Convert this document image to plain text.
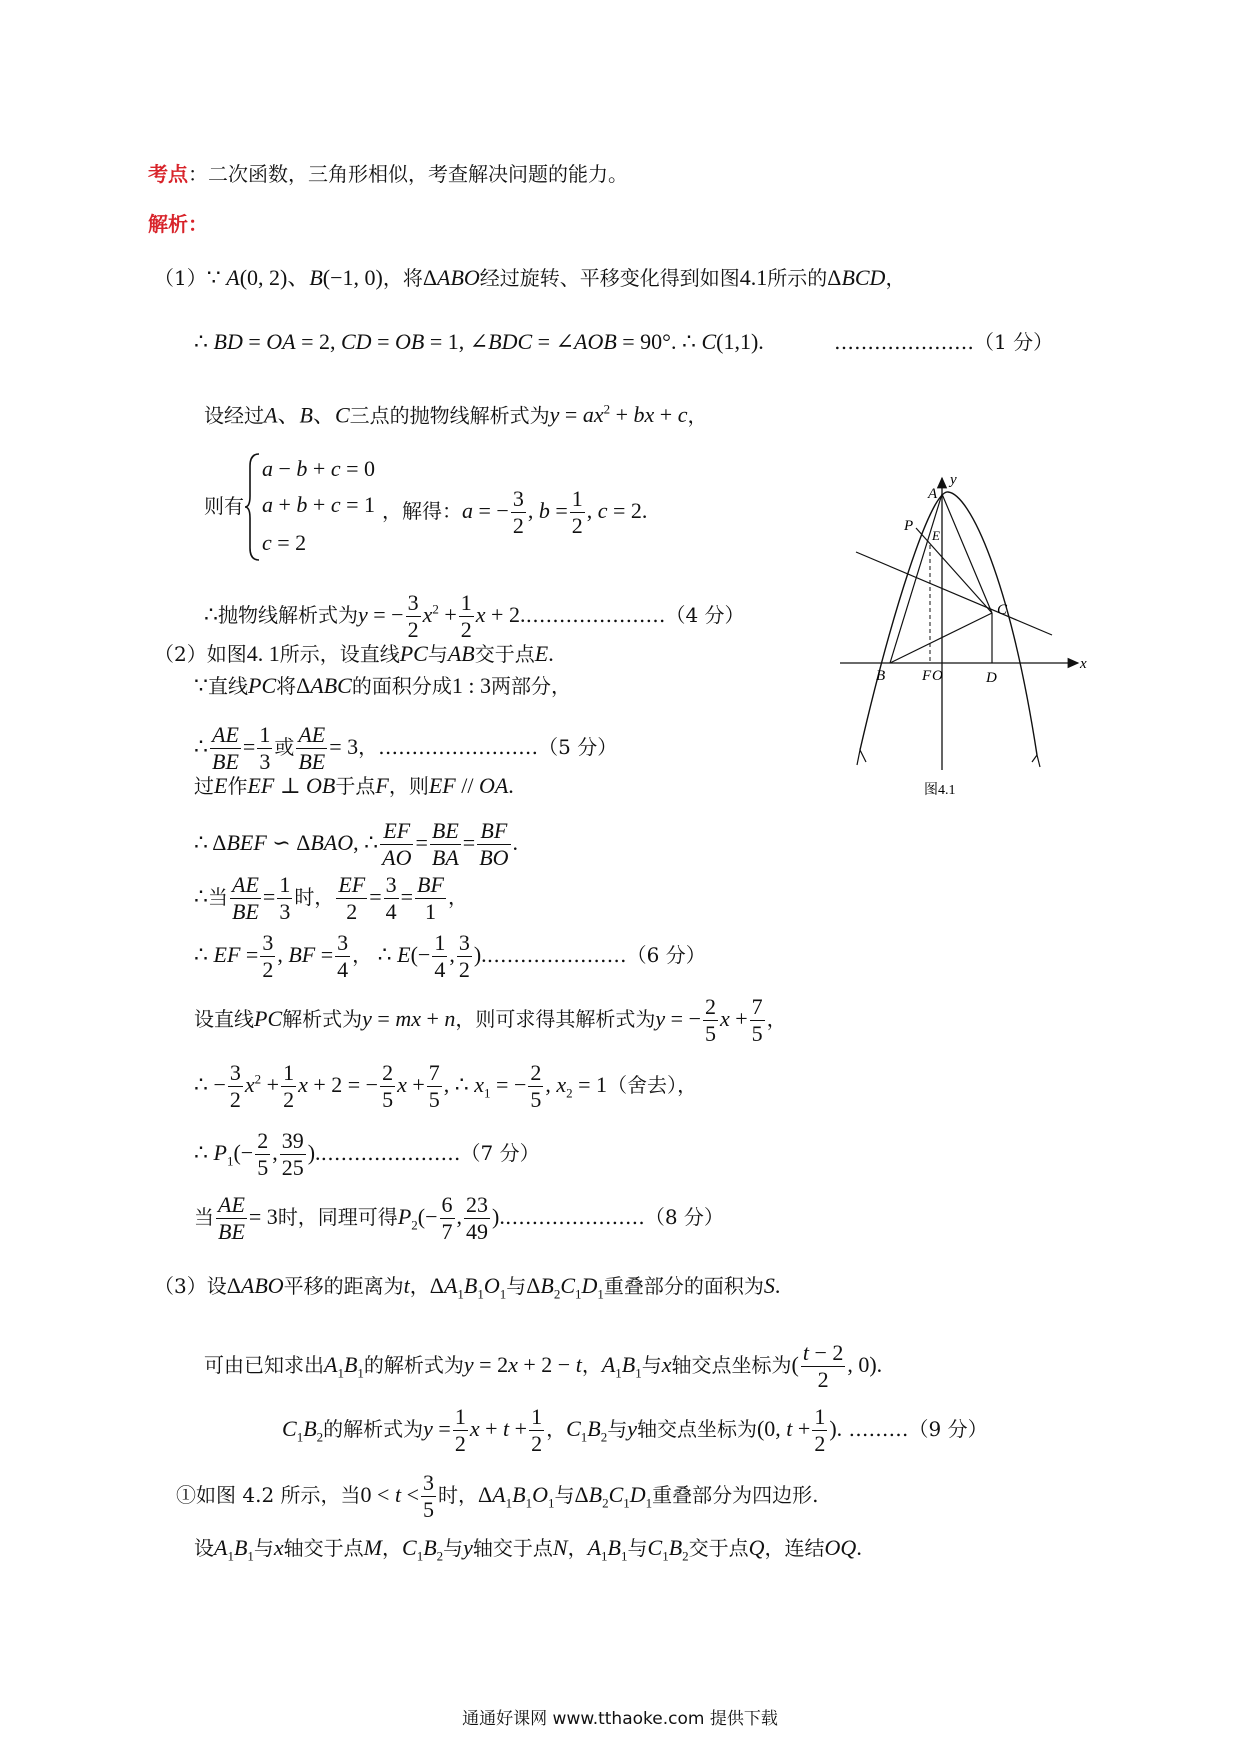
考点：二次函数，三角形相似，考查解决问题的能力。
解析：
（1）∵ A(0, 2)、B(−1, 0)，将ΔABO经过旋转、平移变化得到如图4.1所示的ΔBCD，
∴ BD = OA = 2, CD = OB = 1, ∠BDC = ∠AOB = 90°. ∴ C(1,1).	…………………（1 分）
设经过A、B、C三点的抛物线解析式为$y = ax^2$ + bx + c，
则有
a − b + c = 0
a + b + c = 1
c = 2
，解得：a = − $\frac{3}{2}$ , $b = \frac{1}{2}$ , c = 2.
∴抛物线解析式为y = − $\frac{3}{2} x^2 + \frac{1}{2}$ x + 2.…………………（4 分）
（2）如图4. 1所示，设直线PC与AB交于点E.
∵直线PC将ΔABC的面积分成1 : 3两部分，
∴ $\frac{AE}{BE} = \frac{1}{3}$ 或 $\frac{AE}{BE} = 3$，……………………（5 分）
过E作EF ⊥ OB于点F，则EF // OA.
∴ ΔBEF ∽ ΔBAO, ∴ $\frac{EF}{AO} = \frac{BE}{BA} = \frac{BF}{BO}$ .
∴当 $\frac{AE}{BE} = \frac{1}{3}$ 时， $\frac{EF}{2} = \frac{3}{4} = \frac{BF}{1}$ ，
∴ EF = $\frac{3}{2}$ , BF = $\frac{3}{4}$ ， ∴ $E(- \frac{1}{4}$ , $\frac{3}{2}$ ).…………………（6 分）
设直线PC解析式为y = mx + n，则可求得其解析式为y = − $\frac{2}{5}$ $x + \frac{7}{5}$ ，
∴ − $\frac{3}{2} x^2 + \frac{1}{2}$ x + 2 = − $\frac{2}{5}$ $x + \frac{7}{5}$ , ∴ $x_1$ = − $\frac{2}{5}$ , $x_2 = 1$（舍去），
∴ $P_1(- \frac{2}{5}$ , $\frac{39}{25}$ ).…………………（7 分）
当 $\frac{AE}{BE} = 3$时，同理可得$P_2(- \frac{6}{7}$ , $\frac{23}{49}$ ).…………………（8 分）
（3）设ΔABO平移的距离为t，$\Delta A_1B_1O_1$与$\Delta B_2C_1D_1$重叠部分的面积为S.
可由已知求出$A_1B_1$的解析式为y = 2x + 2 − t，$A_1B_1$与x轴交点坐标为( $\frac{t - 2}{2}$ , 0).
$C_1B_2$的解析式为$y = \frac{1}{2}$ $x + t + \frac{1}{2}$ ，$C_1B_2$与y轴交点坐标为(0, $t + \frac{1}{2}$ ). ………（9 分）
①如图 4.2 所示，当$0 < t < \frac{3}{5}$ 时，$\Delta A_1B_1O_1$与$\Delta B_2C_1D_1$重叠部分为四边形.
设$A_1B_1$与x轴交于点M，$C_1B_2$与y轴交于点N，$A_1B_1$与$C_1B_2$交于点Q，连结OQ.
y
x
A
P
E
C
B F O	D
图4.1
通通好课网 www.tthaoke.com 提供下载
